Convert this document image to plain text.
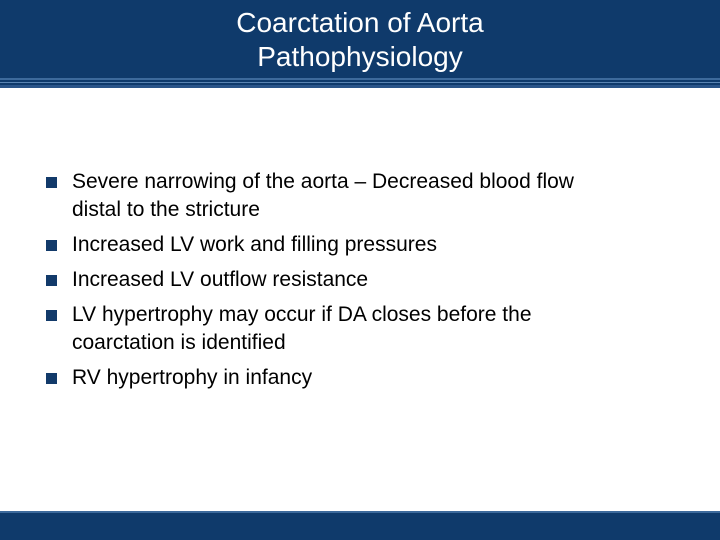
Coarctation of Aorta
Pathophysiology
Severe narrowing of the aorta – Decreased blood flow
distal to the stricture
Increased LV work and filling pressures
Increased LV outflow resistance
LV hypertrophy may occur if DA closes before the
coarctation is identified
RV hypertrophy in infancy
